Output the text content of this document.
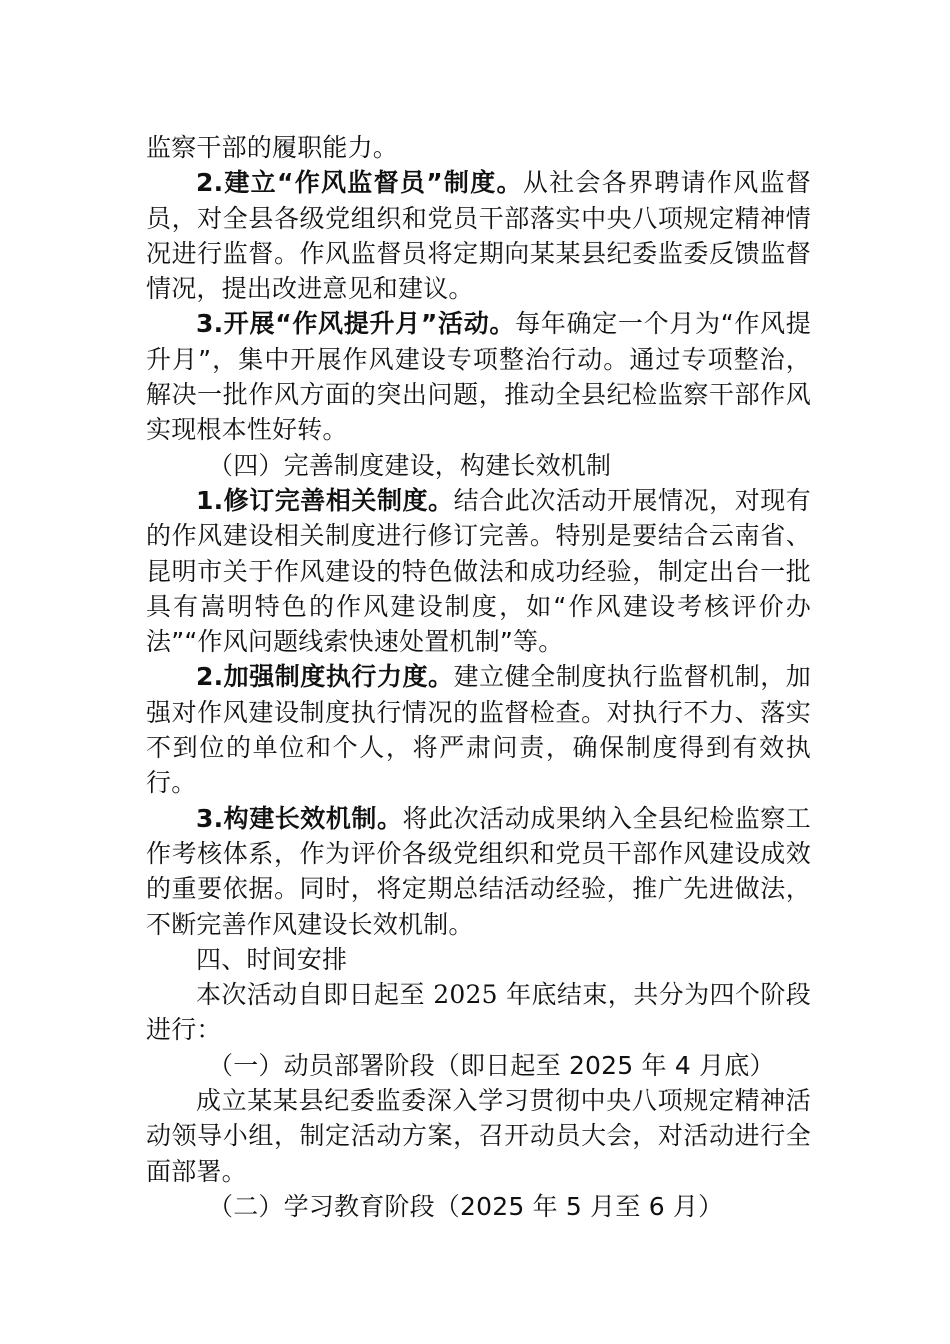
监察干部的履职能力。

2.建立“作风监督员”制度。从社会各界聘请作风监督员，对全县各级党组织和党员干部落实中央八项规定精神情况进行监督。作风监督员将定期向某某县纪委监委反馈监督情况，提出改进意见和建议。

3.开展“作风提升月”活动。每年确定一个月为“作风提升月”，集中开展作风建设专项整治行动。通过专项整治，解决一批作风方面的突出问题，推动全县纪检监察干部作风实现根本性好转。

（四）完善制度建设，构建长效机制

1.修订完善相关制度。结合此次活动开展情况，对现有的作风建设相关制度进行修订完善。特别是要结合云南省、昆明市关于作风建设的特色做法和成功经验，制定出台一批具有嵩明特色的作风建设制度，如“作风建设考核评价办法”“作风问题线索快速处置机制”等。

2.加强制度执行力度。建立健全制度执行监督机制，加强对作风建设制度执行情况的监督检查。对执行不力、落实不到位的单位和个人，将严肃问责，确保制度得到有效执行。

3.构建长效机制。将此次活动成果纳入全县纪检监察工作考核体系，作为评价各级党组织和党员干部作风建设成效的重要依据。同时，将定期总结活动经验，推广先进做法，不断完善作风建设长效机制。

四、时间安排

本次活动自即日起至 2025 年底结束，共分为四个阶段进行：

（一）动员部署阶段（即日起至 2025 年 4 月底）

成立某某县纪委监委深入学习贯彻中央八项规定精神活动领导小组，制定活动方案，召开动员大会，对活动进行全面部署。

（二）学习教育阶段（2025 年 5 月至 6 月）
